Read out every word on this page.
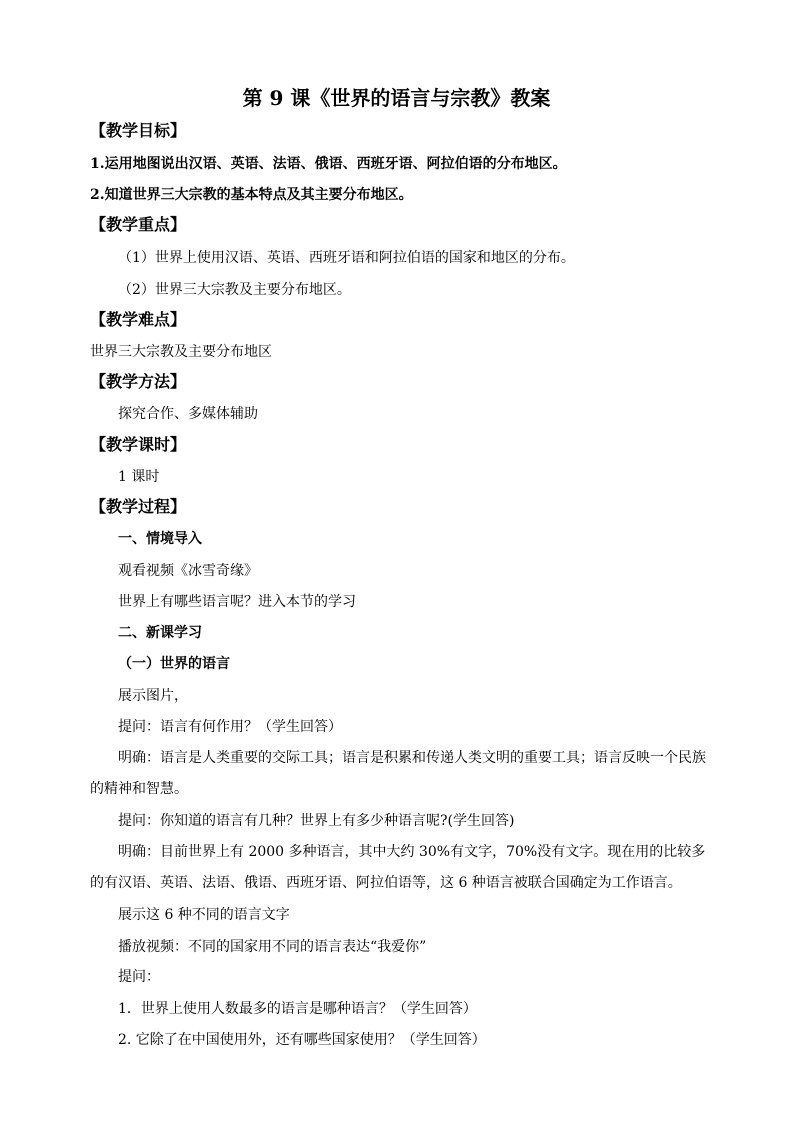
第 9 课《世界的语言与宗教》教案
【教学目标】
1.运用地图说出汉语、英语、法语、俄语、西班牙语、阿拉伯语的分布地区。
2.知道世界三大宗教的基本特点及其主要分布地区。
【教学重点】
（1）世界上使用汉语、英语、西班牙语和阿拉伯语的国家和地区的分布。
（2）世界三大宗教及主要分布地区。
【教学难点】
世界三大宗教及主要分布地区
【教学方法】
探究合作、多媒体辅助
【教学课时】
1 课时
【教学过程】
一、情境导入
观看视频《冰雪奇缘》
世界上有哪些语言呢？进入本节的学习
二、新课学习
（一）世界的语言
展示图片，
提问：语言有何作用？（学生回答）
明确：语言是人类重要的交际工具；语言是积累和传递人类文明的重要工具；语言反映一个民族的精神和智慧。
提问：你知道的语言有几种？世界上有多少种语言呢?(学生回答)
明确：目前世界上有 2000 多种语言，其中大约 30%有文字，70%没有文字。现在用的比较多的有汉语、英语、法语、俄语、西班牙语、阿拉伯语等，这 6 种语言被联合国确定为工作语言。
展示这 6 种不同的语言文字
播放视频：不同的国家用不同的语言表达“我爱你”
提问：
1．世界上使用人数最多的语言是哪种语言？（学生回答）
2. 它除了在中国使用外，还有哪些国家使用？（学生回答）
